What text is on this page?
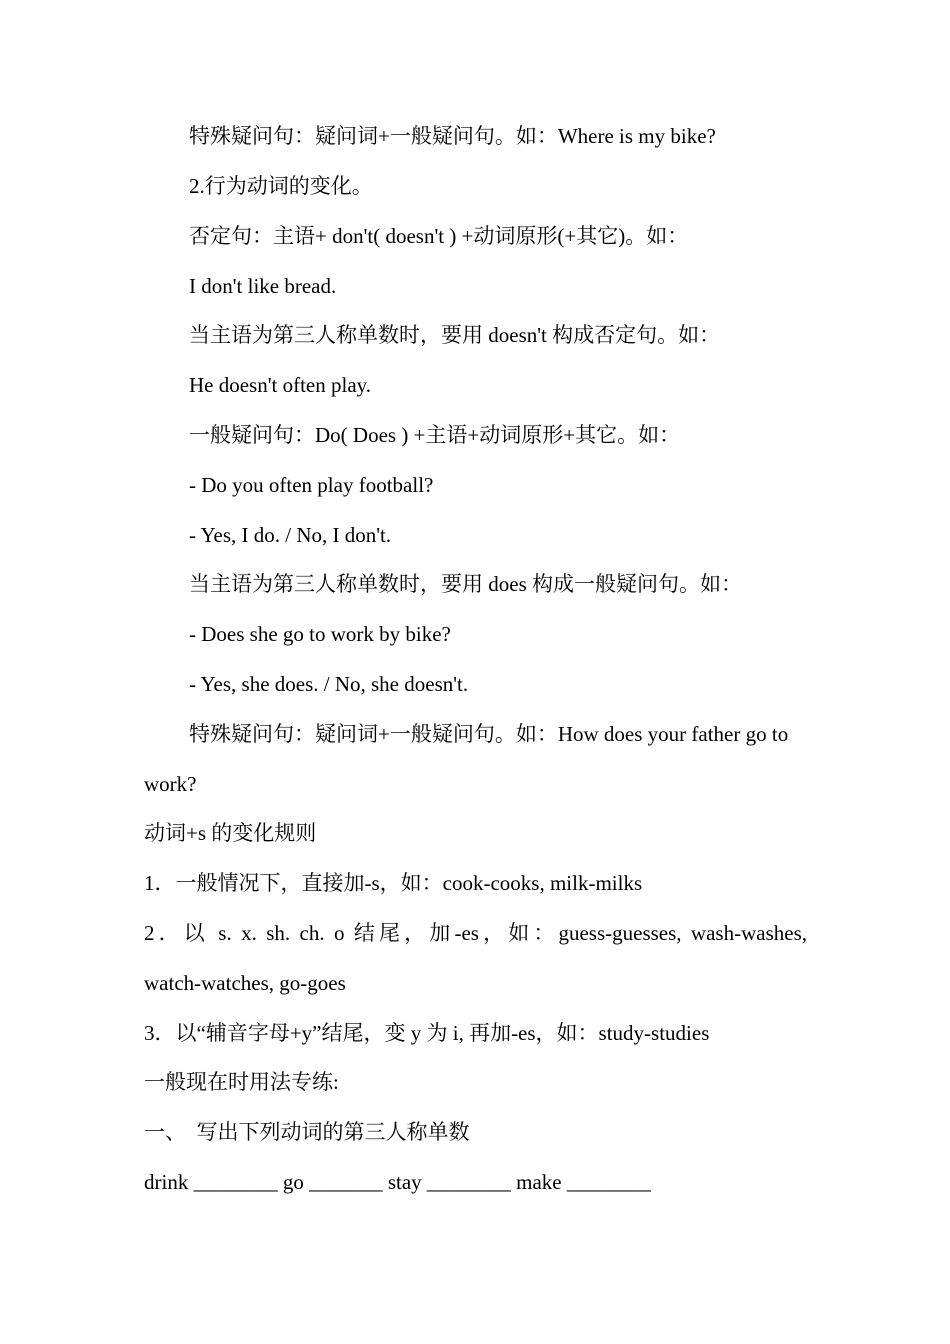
特殊疑问句：疑问词+一般疑问句。如：Where is my bike?
2.行为动词的变化。
否定句：主语+ don't( doesn't ) +动词原形(+其它)。如：
I don't like bread.
当主语为第三人称单数时，要用 doesn't 构成否定句。如：
He doesn't often play.
一般疑问句：Do( Does ) +主语+动词原形+其它。如：
- Do you often play football?
- Yes, I do. / No, I don't.
当主语为第三人称单数时，要用 does 构成一般疑问句。如：
- Does she go to work by bike?
- Yes, she does. / No, she doesn't.
特殊疑问句：疑问词+一般疑问句。如：How does your father go to
work?
动词+s 的变化规则
1．一般情况下，直接加-s，如：cook-cooks, milk-milks
2．以 s. x. sh. ch. o 结尾，加-es，如：guess-guesses, wash-washes,
watch-watches, go-goes
3．以“辅音字母+y”结尾，变 y 为 i, 再加-es，如：study-studies
一般现在时用法专练:
一、  写出下列动词的第三人称单数
drink ________ go _______ stay ________ make ________
